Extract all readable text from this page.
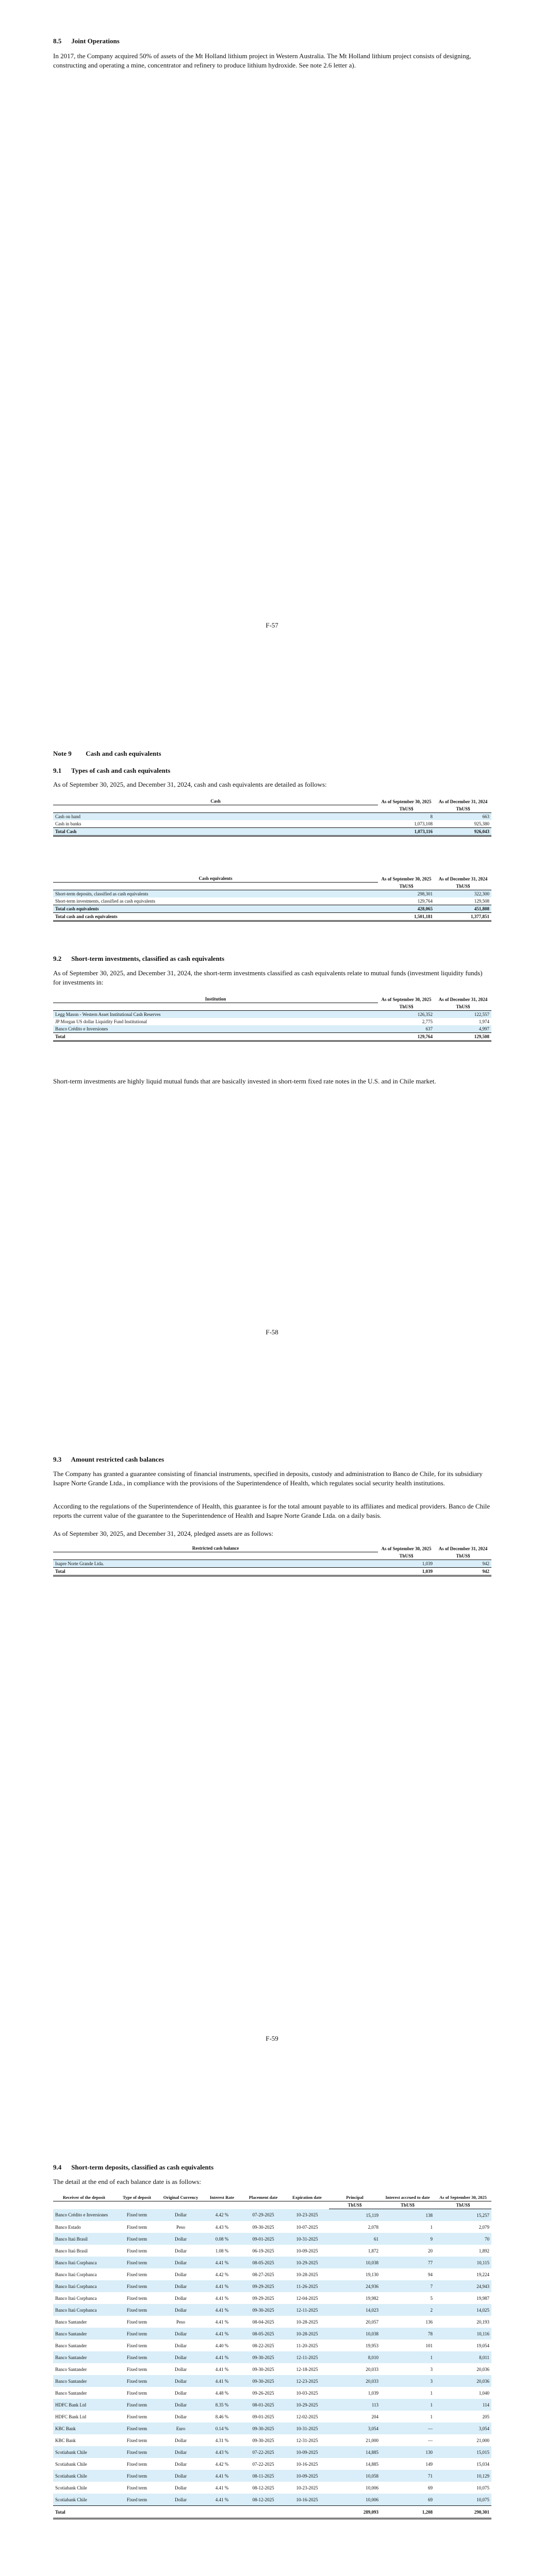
8.5 Joint Operations
In 2017, the Company acquired 50% of assets of the Mt Holland lithium project in Western Australia. The Mt Holland lithium project consists of designing, constructing and operating a mine, concentrator and refinery to produce lithium hydroxide. See note 2.6 letter a).
F-57
Note 9 Cash and cash equivalents
9.1 Types of cash and cash equivalents
As of September 30, 2025, and December 31, 2024, cash and cash equivalents are detailed as follows:
Cash	As of September 30, 2025	As of December 31, 2024
	ThUS$	ThUS$
Cash on hand	8	663
Cash in banks	1,073,108	925,380
Total Cash	1,073,116	926,043
Cash equivalents	As of September 30, 2025	As of December 31, 2024
	ThUS$	ThUS$
Short-term deposits, classified as cash equivalents	298,301	322,300
Short-term investments, classified as cash equivalents	129,764	129,508
Total cash equivalents	428,065	451,808
Total cash and cash equivalents	1,501,181	1,377,851
9.2 Short-term investments, classified as cash equivalents
As of September 30, 2025, and December 31, 2024, the short-term investments classified as cash equivalents relate to mutual funds (investment liquidity funds) for investments in:
Institution	As of September 30, 2025	As of December 31, 2024
	ThUS$	ThUS$
Legg Mason - Western Asset Institutional Cash Reserves	126,352	122,557
JP Morgan US dollar Liquidity Fund Institutional	2,775	1,974
Banco Crédito e Inversiones	637	4,997
Total	129,764	129,508
Short-term investments are highly liquid mutual funds that are basically invested in short-term fixed rate notes in the U.S. and in Chile market.
F-58
9.3 Amount restricted cash balances
The Company has granted a guarantee consisting of financial instruments, specified in deposits, custody and administration to Banco de Chile, for its subsidiary Isapre Norte Grande Ltda., in compliance with the provisions of the Superintendence of Health, which regulates social security health institutions.
According to the regulations of the Superintendence of Health, this guarantee is for the total amount payable to its affiliates and medical providers. Banco de Chile reports the current value of the guarantee to the Superintendence of Health and Isapre Norte Grande Ltda. on a daily basis.
As of September 30, 2025, and December 31, 2024, pledged assets are as follows:
Restricted cash balance	As of September 30, 2025	As of December 31, 2024
	ThUS$	ThUS$
Isapre Norte Grande Ltda.	1,039	942
Total	1,039	942
F-59
9.4 Short-term deposits, classified as cash equivalents
The detail at the end of each balance date is as follows:
Receiver of the deposit	Type of deposit	Original Currency	Interest Rate	Placement date	Expiration date	Principal	Interest accrued to date	As of September 30, 2025
						ThUS$	ThUS$	ThUS$
Banco Crédito e Inversiones	Fixed term	Dollar	4.42 %	07-29-2025	10-23-2025	15,119	138	15,257
Banco Estado	Fixed term	Peso	4.43 %	09-30-2025	10-07-2025	2,078	1	2,079
Banco Itaú Brasil	Fixed term	Dollar	0.08 %	09-01-2025	10-31-2025	61	9	70
Banco Itaú Brasil	Fixed term	Dollar	1.08 %	06-19-2025	10-09-2025	1,872	20	1,892
Banco Itaú Corpbanca	Fixed term	Dollar	4.41 %	08-05-2025	10-29-2025	10,038	77	10,115
Banco Itaú Corpbanca	Fixed term	Dollar	4.42 %	08-27-2025	10-28-2025	19,130	94	19,224
Banco Itaú Corpbanca	Fixed term	Dollar	4.41 %	09-29-2025	11-26-2025	24,936	7	24,943
Banco Itaú Corpbanca	Fixed term	Dollar	4.41 %	09-29-2025	12-04-2025	19,982	5	19,987
Banco Itaú Corpbanca	Fixed term	Dollar	4.41 %	09-30-2025	12-11-2025	14,023	2	14,025
Banco Santander	Fixed term	Peso	4.41 %	08-04-2025	10-28-2025	20,057	136	20,193
Banco Santander	Fixed term	Dollar	4.41 %	08-05-2025	10-28-2025	10,038	78	10,116
Banco Santander	Fixed term	Dollar	4.40 %	08-22-2025	11-20-2025	19,953	101	19,054
Banco Santander	Fixed term	Dollar	4.41 %	09-30-2025	12-11-2025	8,010	1	8,011
Banco Santander	Fixed term	Dollar	4.41 %	09-30-2025	12-18-2025	20,033	3	20,036
Banco Santander	Fixed term	Dollar	4.41 %	09-30-2025	12-23-2025	20,033	3	20,036
Banco Santander	Fixed term	Dollar	4.48 %	09-26-2025	10-03-2025	1,039	1	1,040
HDFC Bank Ltd	Fixed term	Dollar	8.35 %	08-01-2025	10-29-2025	113	1	114
HDFC Bank Ltd	Fixed term	Dollar	8.46 %	09-01-2025	12-02-2025	204	1	205
KBC Bank	Fixed term	Euro	0.14 %	09-30-2025	10-31-2025	3,054	—	3,054
KBC Bank	Fixed term	Dollar	4.31 %	09-30-2025	12-31-2025	21,000	—	21,000
Scotiabank Chile	Fixed term	Dollar	4.43 %	07-22-2025	10-09-2025	14,885	130	15,015
Scotiabank Chile	Fixed term	Dollar	4.42 %	07-22-2025	10-16-2025	14,885	149	15,034
Scotiabank Chile	Fixed term	Dollar	4.41 %	08-11-2025	10-09-2025	10,058	71	10,129
Scotiabank Chile	Fixed term	Dollar	4.41 %	08-12-2025	10-23-2025	10,006	69	10,075
Scotiabank Chile	Fixed term	Dollar	4.41 %	08-12-2025	10-16-2025	10,006	69	10,075
Total						289,093	1,208	290,301
